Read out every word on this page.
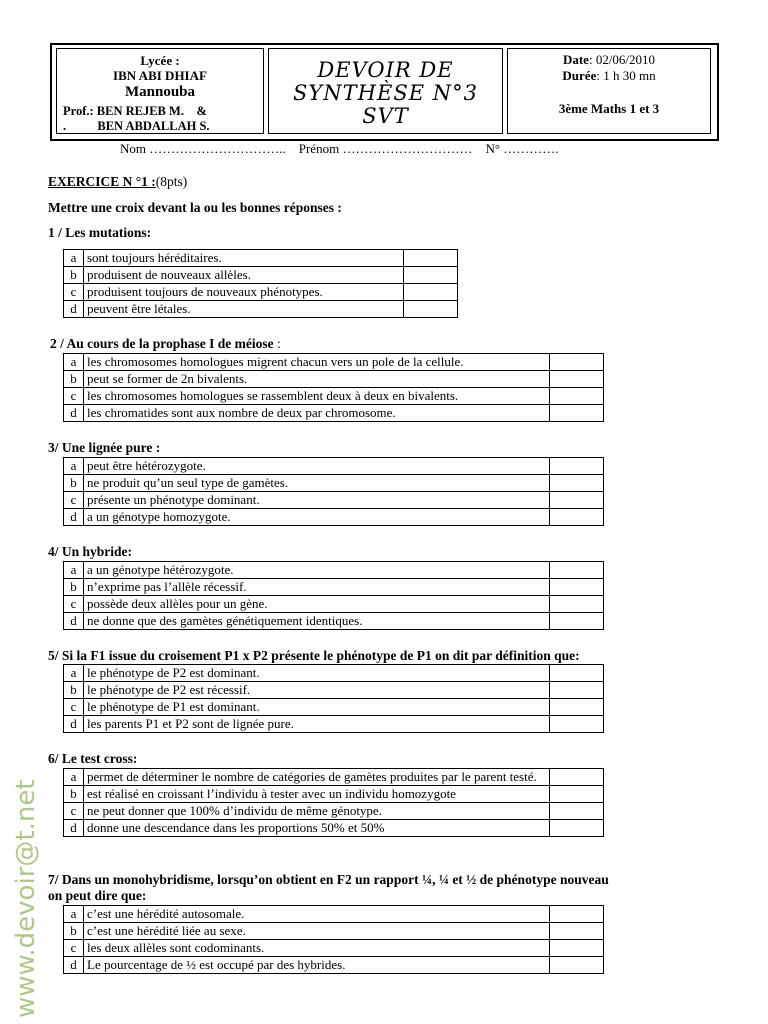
Lycée :
IBN ABI DHIAF
Mannouba
Prof.: BEN REJEB M.    &
.          BEN ABDALLAH S.
DEVOIR DE
SYNTHÈSE N°3
SVT
Date: 02/06/2010
Durée: 1 h 30 mn
3ème Maths 1 et 3
Nom …………………………..    Prénom …………………………    N° ………….
EXERCICE N °1 :(8pts)
Mettre une croix devant la ou les bonnes réponses :
1 / Les mutations:
a	sont toujours héréditaires.	
b	produisent de nouveaux allèles.	
c	produisent toujours de nouveaux phénotypes.	
d	peuvent être létales.	
2 / Au cours de la prophase I de méiose :
a	les chromosomes homologues migrent chacun vers un pole de la cellule.	
b	peut se former de 2n bivalents.	
c	les chromosomes homologues se rassemblent deux à deux en bivalents.	
d	les chromatides sont aux nombre de deux par chromosome.	
3/ Une lignée pure :
a	peut être hétérozygote.	
b	ne produit qu’un seul type de gamètes.	
c	présente un phénotype dominant.	
d	a un génotype homozygote.	
4/ Un hybride:
a	a un génotype hétérozygote.	
b	n’exprime pas l’allèle récessif.	
c	possède deux allèles pour un gène.	
d	ne donne que des gamètes génétiquement identiques.	
5/ Si la F1 issue du croisement P1 x P2 présente le phénotype de P1 on dit par définition que:
a	le phénotype de P2 est dominant.	
b	le phénotype de P2 est récessif.	
c	le phénotype de P1 est dominant.	
d	les parents P1 et P2 sont de lignée pure.	
6/ Le test cross:
a	permet de déterminer le nombre de catégories de gamètes produites par le parent testé.	
b	est réalisé en croissant l’individu à tester avec un individu homozygote	
c	ne peut donner que 100% d’individu de même génotype.	
d	donne une descendance dans les proportions 50% et 50%	
7/ Dans un monohybridisme, lorsqu’on obtient en F2 un rapport ¼, ¼ et ½ de phénotype nouveau
on peut dire que:
a	c’est une hérédité autosomale.	
b	c’est une hérédité liée au sexe.	
c	les deux allèles sont codominants.	
d	Le pourcentage de ½ est occupé par des hybrides.	
www.devoir@t.net
